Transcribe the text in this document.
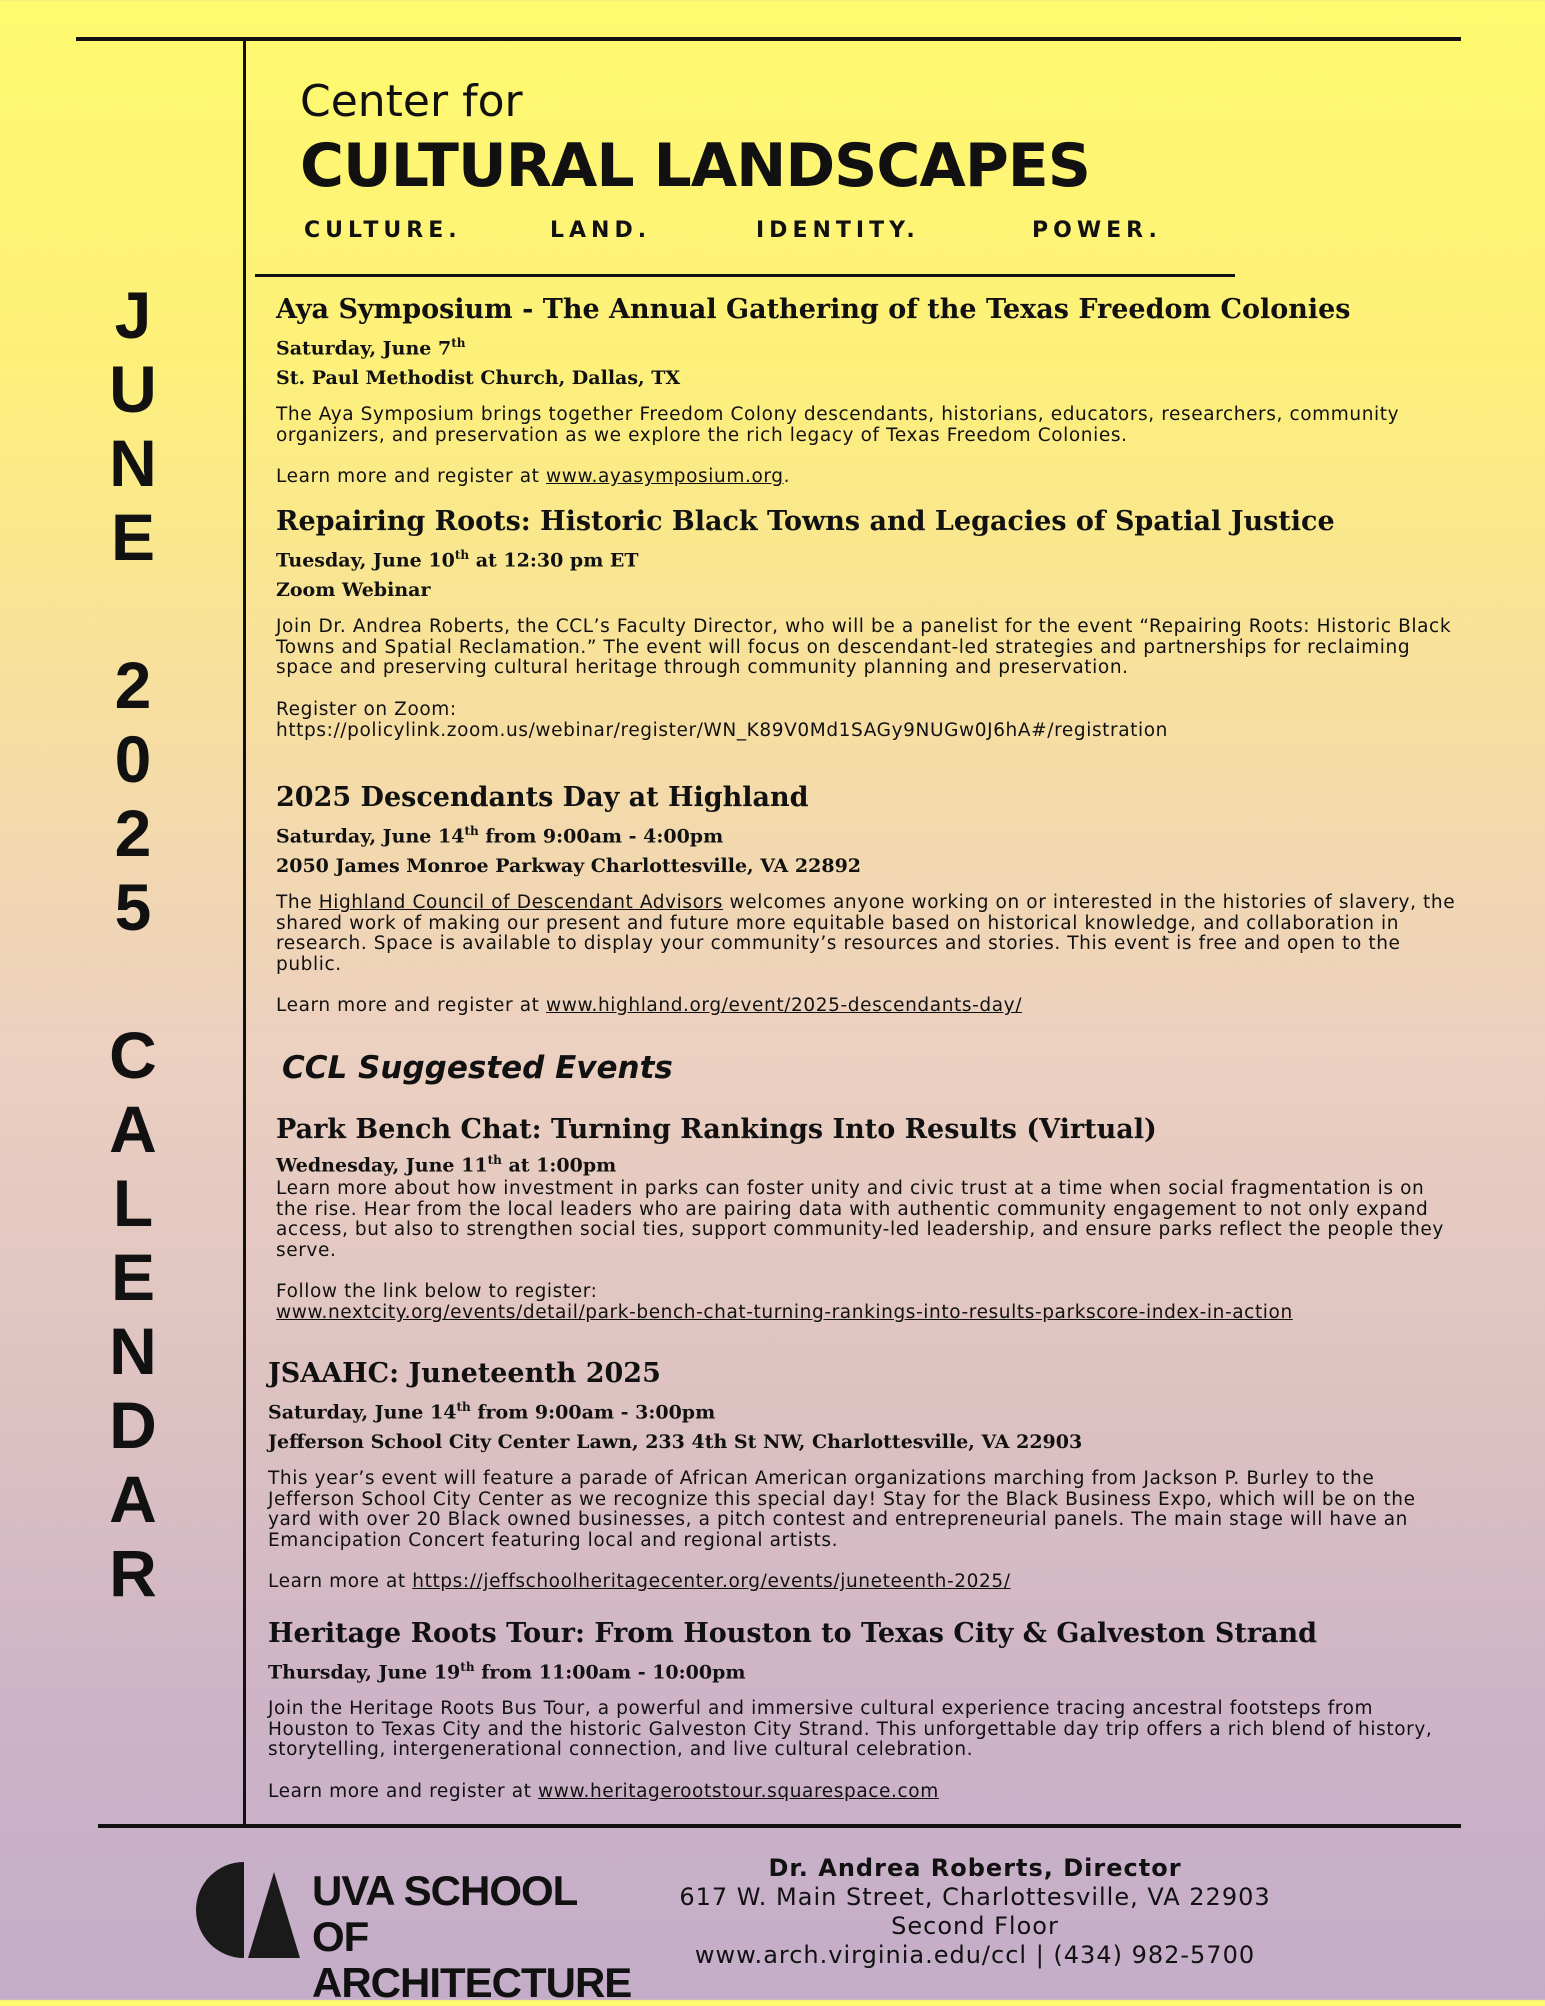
J
U
N
E
2
0
2
5
C
A
L
E
N
D
A
R
Center for
CULTURAL LANDSCAPES
CULTURE.	LAND.	IDENTITY.	POWER.
Aya Symposium - The Annual Gathering of the Texas Freedom Colonies
Saturday, June 7th
St. Paul Methodist Church, Dallas, TX
The Aya Symposium brings together Freedom Colony descendants, historians, educators, researchers, community organizers, and preservation as we explore the rich legacy of Texas Freedom Colonies.
Learn more and register at www.ayasymposium.org.
Repairing Roots: Historic Black Towns and Legacies of Spatial Justice
Tuesday, June 10th at 12:30 pm ET
Zoom Webinar
Join Dr. Andrea Roberts, the CCL’s Faculty Director, who will be a panelist for the event “Repairing Roots: Historic Black Towns and Spatial Reclamation.” The event will focus on descendant-led strategies and partnerships for reclaiming space and preserving cultural heritage through community planning and preservation.
Register on Zoom:
https://policylink.zoom.us/webinar/register/WN_K89V0Md1SAGy9NUGw0J6hA#/registration
2025 Descendants Day at Highland
Saturday, June 14th from 9:00am - 4:00pm
2050 James Monroe Parkway Charlottesville, VA 22892
The Highland Council of Descendant Advisors welcomes anyone working on or interested in the histories of slavery, the shared work of making our present and future more equitable based on historical knowledge, and collaboration in research. Space is available to display your community’s resources and stories. This event is free and open to the public.
Learn more and register at www.highland.org/event/2025-descendants-day/
CCL Suggested Events
Park Bench Chat: Turning Rankings Into Results (Virtual)
Wednesday, June 11th at 1:00pm
Learn more about how investment in parks can foster unity and civic trust at a time when social fragmentation is on the rise. Hear from the local leaders who are pairing data with authentic community engagement to not only expand access, but also to strengthen social ties, support community-led leadership, and ensure parks reflect the people they serve.
Follow the link below to register:
www.nextcity.org/events/detail/park-bench-chat-turning-rankings-into-results-parkscore-index-in-action
JSAAHC: Juneteenth 2025
Saturday, June 14th from 9:00am - 3:00pm
Jefferson School City Center Lawn, 233 4th St NW, Charlottesville, VA 22903
This year’s event will feature a parade of African American organizations marching from Jackson P. Burley to the Jefferson School City Center as we recognize this special day! Stay for the Black Business Expo, which will be on the yard with over 20 Black owned businesses, a pitch contest and entrepreneurial panels. The main stage will have an Emancipation Concert featuring local and regional artists.
Learn more at https://jeffschoolheritagecenter.org/events/juneteenth-2025/
Heritage Roots Tour: From Houston to Texas City & Galveston Strand
Thursday, June 19th from 11:00am - 10:00pm
Join the Heritage Roots Bus Tour, a powerful and immersive cultural experience tracing ancestral footsteps from Houston to Texas City and the historic Galveston City Strand. This unforgettable day trip offers a rich blend of history, storytelling, intergenerational connection, and live cultural celebration.
Learn more and register at www.heritagerootstour.squarespace.com
UVA SCHOOL OF
ARCHITECTURE
Dr. Andrea Roberts, Director
617 W. Main Street, Charlottesville, VA 22903
Second Floor
www.arch.virginia.edu/ccl | (434) 982-5700
